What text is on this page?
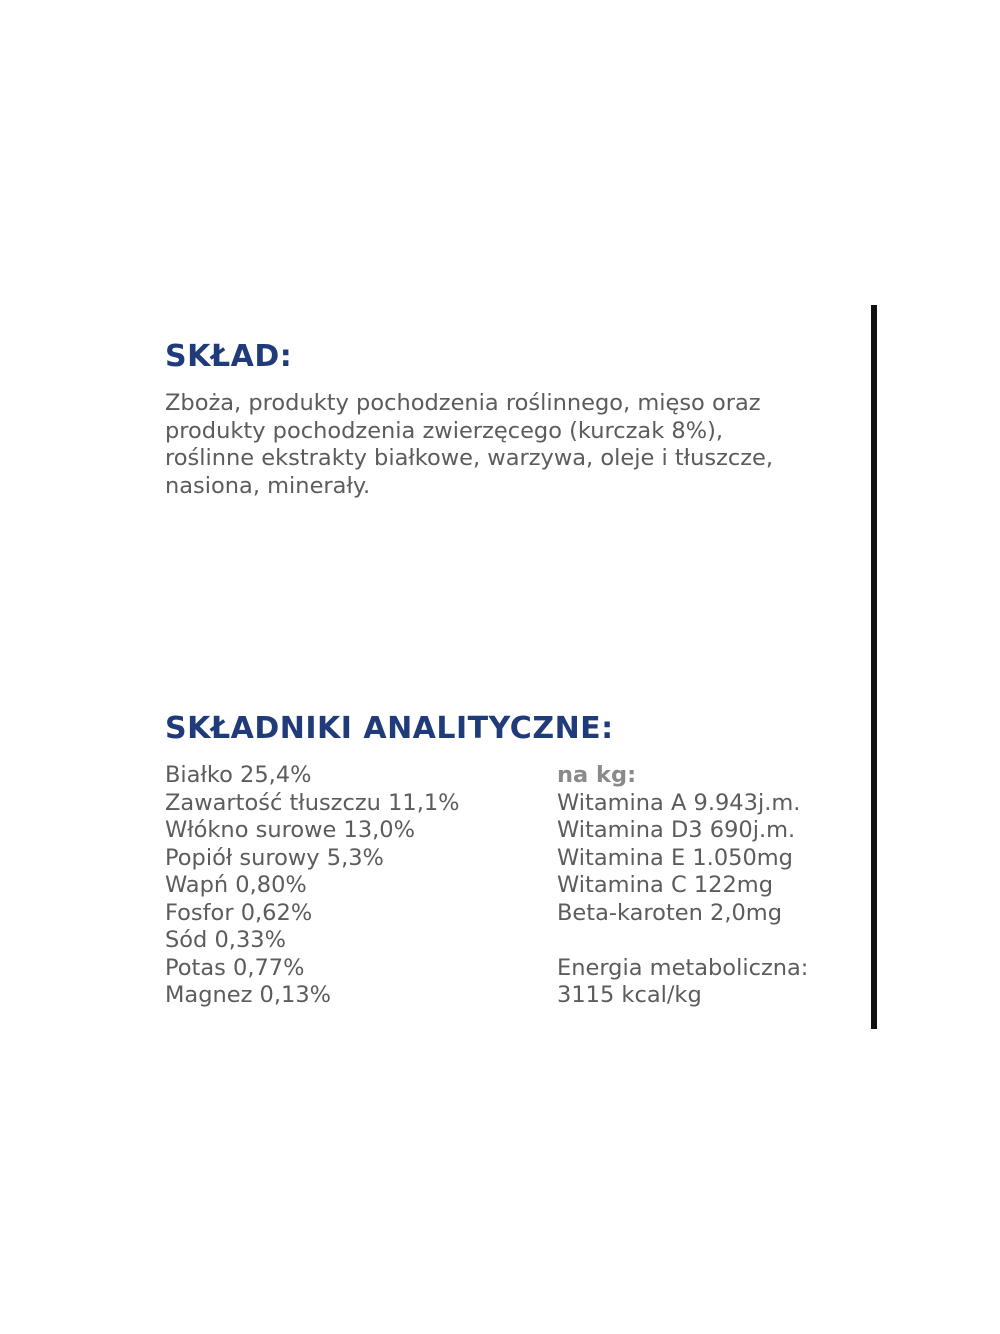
SKŁAD:

Zboża, produkty pochodzenia roślinnego, mięso oraz
produkty pochodzenia zwierzęcego (kurczak 8%),
roślinne ekstrakty białkowe, warzywa, oleje i tłuszcze,
nasiona, minerały.

SKŁADNIKI ANALITYCZNE:
Białko 25,4%
Zawartość tłuszczu 11,1%
Włókno surowe 13,0%
Popiół surowy 5,3%
Wapń 0,80%
Fosfor 0,62%
Sód 0,33%
Potas 0,77%
Magnez 0,13%
na kg:
Witamina A 9.943j.m.
Witamina D3 690j.m.
Witamina E 1.050mg
Witamina C 122mg
Beta-karoten 2,0mg
Energia metaboliczna:
3115 kcal/kg
